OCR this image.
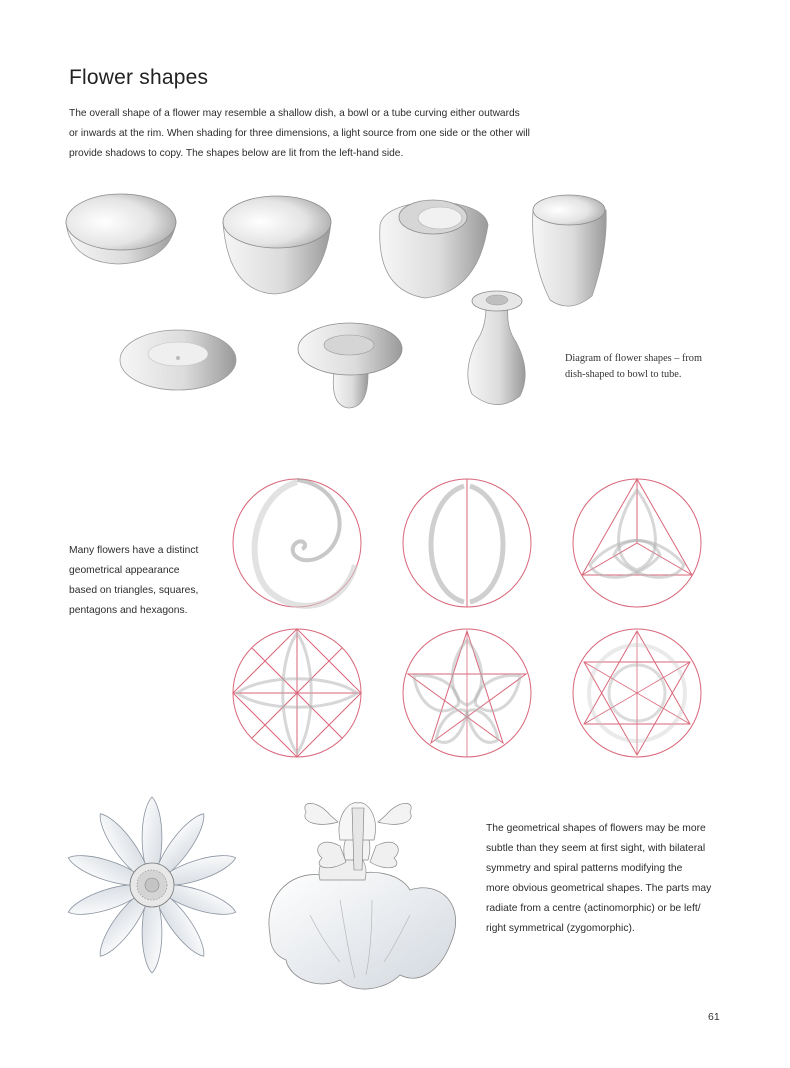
Flower shapes

The overall shape of a flower may resemble a shallow dish, a bowl or a tube curving either outwards
or inwards at the rim. When shading for three dimensions, a light source from one side or the other will
provide shadows to copy. The shapes below are lit from the left-hand side.

Diagram of flower shapes – from
dish-shaped to bowl to tube.

Many flowers have a distinct
geometrical appearance
based on triangles, squares,
pentagons and hexagons.

The geometrical shapes of flowers may be more
subtle than they seem at first sight, with bilateral
symmetry and spiral patterns modifying the
more obvious geometrical shapes. The parts may
radiate from a centre (actinomorphic) or be left/
right symmetrical (zygomorphic).

61
